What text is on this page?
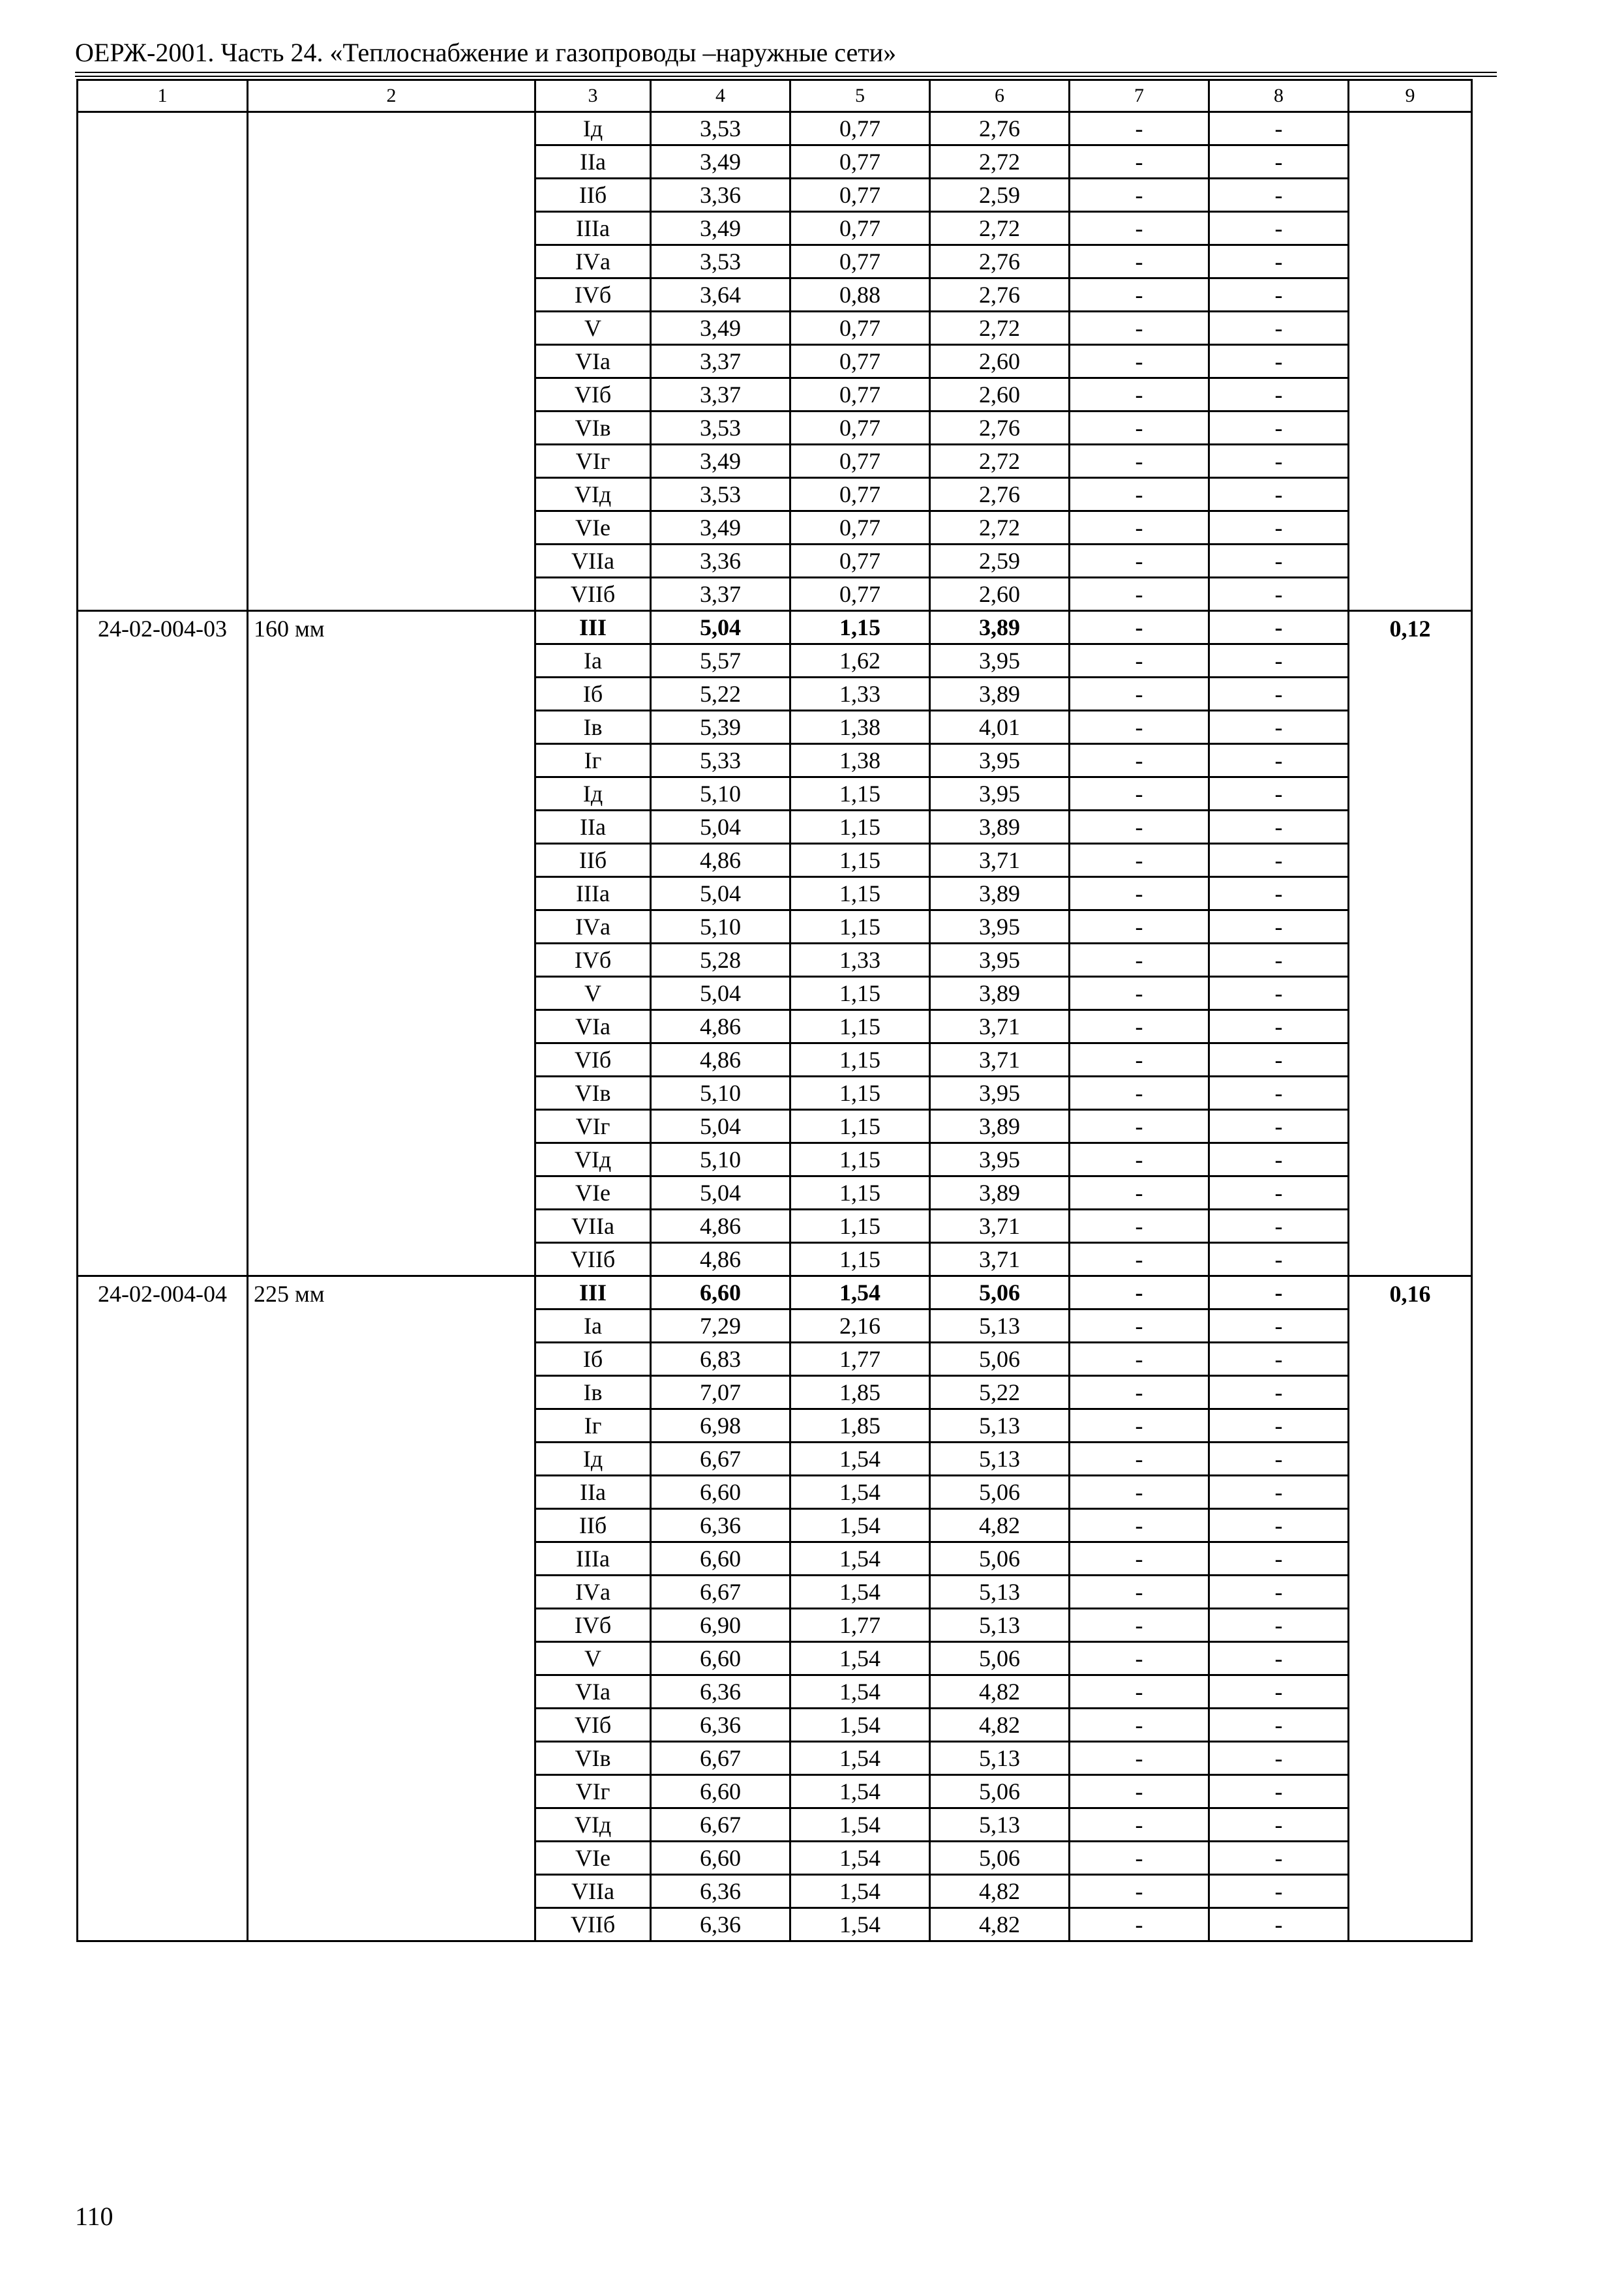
ОЕРЖ-2001. Часть 24. «Теплоснабжение и газопроводы –наружные сети»
1	2	3	4	5	6	7	8	9
		Iд	3,53	0,77	2,76	-	-	
		IIа	3,49	0,77	2,72	-	-	
		IIб	3,36	0,77	2,59	-	-	
		IIIа	3,49	0,77	2,72	-	-	
		IVа	3,53	0,77	2,76	-	-	
		IVб	3,64	0,88	2,76	-	-	
		V	3,49	0,77	2,72	-	-	
		VIа	3,37	0,77	2,60	-	-	
		VIб	3,37	0,77	2,60	-	-	
		VIв	3,53	0,77	2,76	-	-	
		VIг	3,49	0,77	2,72	-	-	
		VIд	3,53	0,77	2,76	-	-	
		VIе	3,49	0,77	2,72	-	-	
		VIIа	3,36	0,77	2,59	-	-	
		VIIб	3,37	0,77	2,60	-	-	
24-02-004-03	160 мм	III	5,04	1,15	3,89	-	-	0,12
		Iа	5,57	1,62	3,95	-	-	
		Iб	5,22	1,33	3,89	-	-	
		Iв	5,39	1,38	4,01	-	-	
		Iг	5,33	1,38	3,95	-	-	
		Iд	5,10	1,15	3,95	-	-	
		IIа	5,04	1,15	3,89	-	-	
		IIб	4,86	1,15	3,71	-	-	
		IIIа	5,04	1,15	3,89	-	-	
		IVа	5,10	1,15	3,95	-	-	
		IVб	5,28	1,33	3,95	-	-	
		V	5,04	1,15	3,89	-	-	
		VIа	4,86	1,15	3,71	-	-	
		VIб	4,86	1,15	3,71	-	-	
		VIв	5,10	1,15	3,95	-	-	
		VIг	5,04	1,15	3,89	-	-	
		VIд	5,10	1,15	3,95	-	-	
		VIе	5,04	1,15	3,89	-	-	
		VIIа	4,86	1,15	3,71	-	-	
		VIIб	4,86	1,15	3,71	-	-	
24-02-004-04	225 мм	III	6,60	1,54	5,06	-	-	0,16
		Iа	7,29	2,16	5,13	-	-	
		Iб	6,83	1,77	5,06	-	-	
		Iв	7,07	1,85	5,22	-	-	
		Iг	6,98	1,85	5,13	-	-	
		Iд	6,67	1,54	5,13	-	-	
		IIа	6,60	1,54	5,06	-	-	
		IIб	6,36	1,54	4,82	-	-	
		IIIа	6,60	1,54	5,06	-	-	
		IVа	6,67	1,54	5,13	-	-	
		IVб	6,90	1,77	5,13	-	-	
		V	6,60	1,54	5,06	-	-	
		VIа	6,36	1,54	4,82	-	-	
		VIб	6,36	1,54	4,82	-	-	
		VIв	6,67	1,54	5,13	-	-	
		VIг	6,60	1,54	5,06	-	-	
		VIд	6,67	1,54	5,13	-	-	
		VIе	6,60	1,54	5,06	-	-	
		VIIа	6,36	1,54	4,82	-	-	
		VIIб	6,36	1,54	4,82	-	-	
110
